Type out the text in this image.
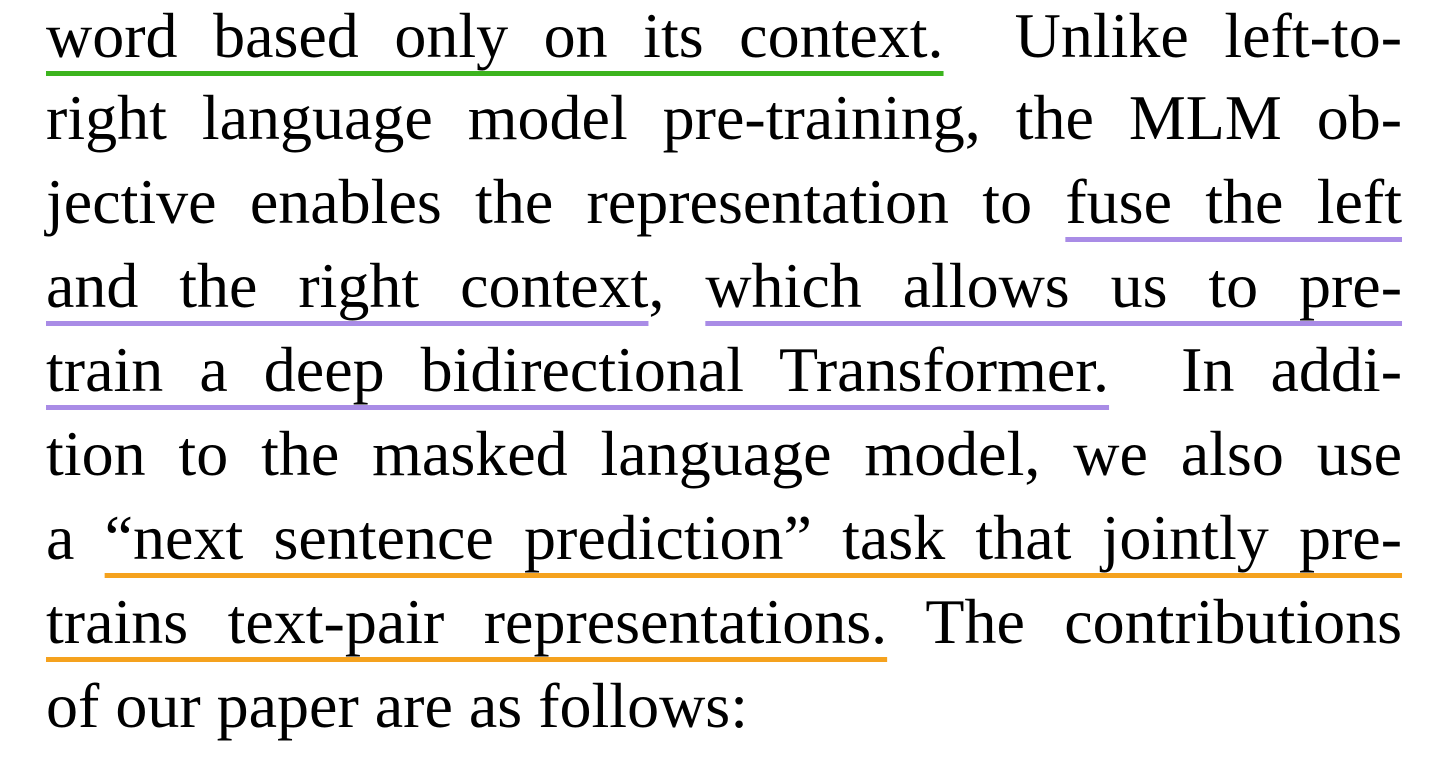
word based only on its context. Unlike left-to-
right language model pre-training, the MLM ob-
jective enables the representation to fuse the left
and the right context, which allows us to pre-
train a deep bidirectional Transformer. In addi-
tion to the masked language model, we also use
a “next sentence prediction” task that jointly pre-
trains text-pair representations. The contributions
of our paper are as follows:
